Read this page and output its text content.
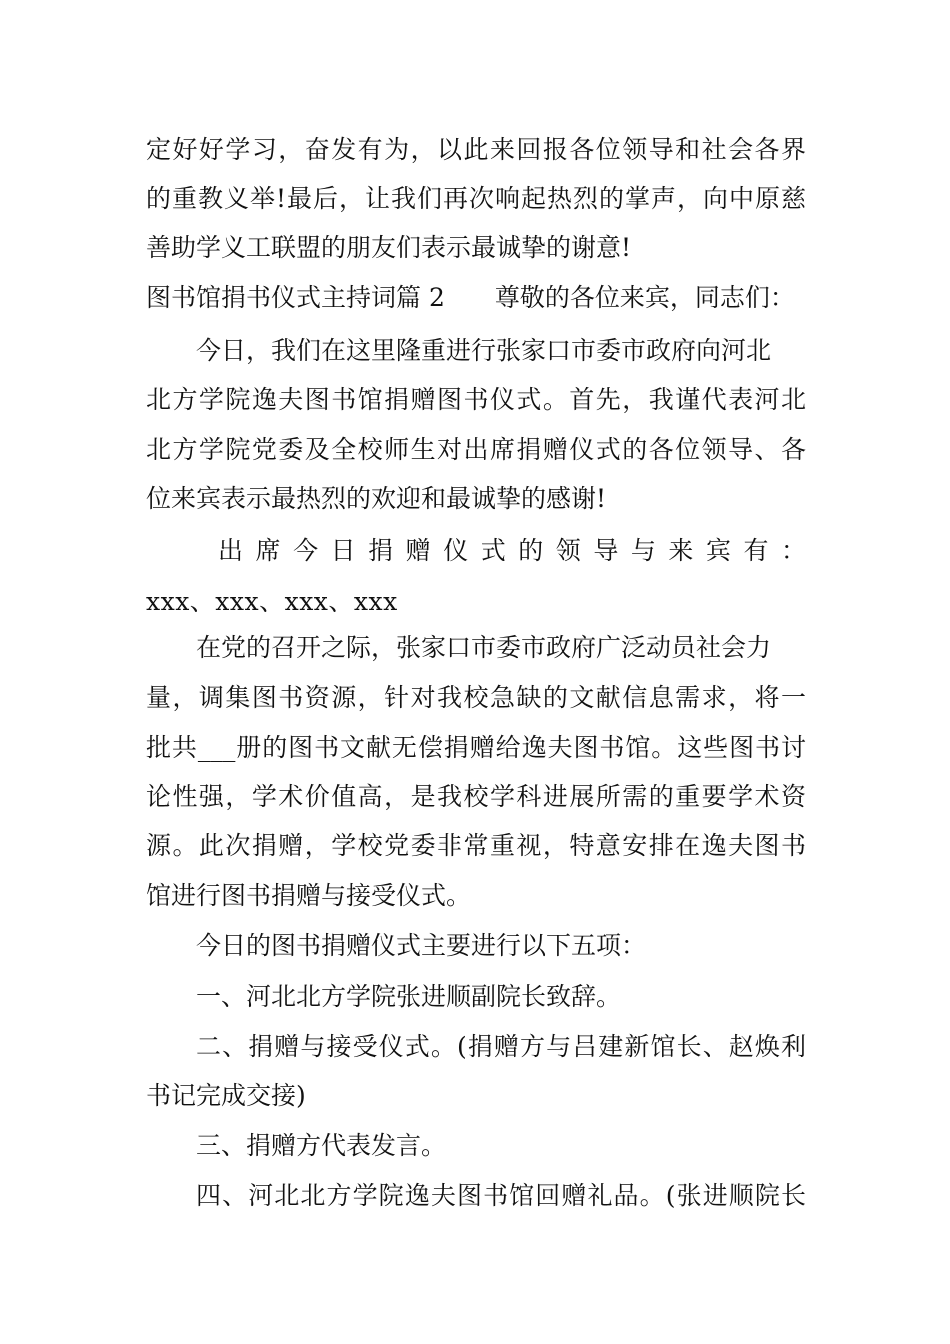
定好好学习，奋发有为，以此来回报各位领导和社会各界
的重教义举!最后，让我们再次响起热烈的掌声，向中原慈
善助学义工联盟的朋友们表示最诚挚的谢意!
图书馆捐书仪式主持词篇 2　　尊敬的各位来宾，同志们：
今日，我们在这里隆重进行张家口市委市政府向河北
北方学院逸夫图书馆捐赠图书仪式。首先，我谨代表河北
北方学院党委及全校师生对出席捐赠仪式的各位领导、各
位来宾表示最热烈的欢迎和最诚挚的感谢!
出席今日捐赠仪式的领导与来宾有：
xxx、xxx、xxx、xxx
在党的召开之际，张家口市委市政府广泛动员社会力
量，调集图书资源，针对我校急缺的文献信息需求，将一
批共___册的图书文献无偿捐赠给逸夫图书馆。这些图书讨
论性强，学术价值高，是我校学科进展所需的重要学术资
源。此次捐赠，学校党委非常重视，特意安排在逸夫图书
馆进行图书捐赠与接受仪式。
今日的图书捐赠仪式主要进行以下五项：
一、河北北方学院张进顺副院长致辞。
二、捐赠与接受仪式。(捐赠方与吕建新馆长、赵焕利
书记完成交接)
三、捐赠方代表发言。
四、河北北方学院逸夫图书馆回赠礼品。(张进顺院长
